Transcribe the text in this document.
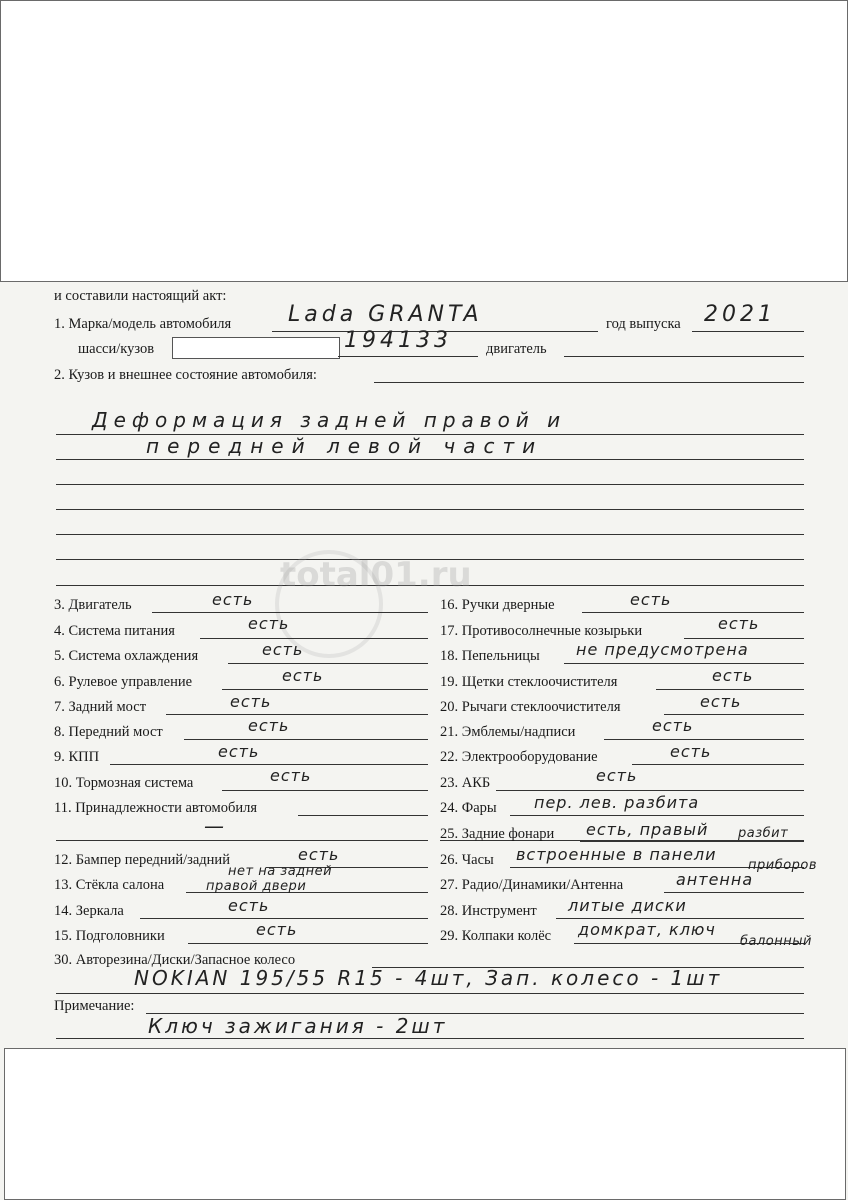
и составили настоящий акт:
1. Марка/модель автомобиля	Lada GRANTA	год выпуска 2021
шасси/кузов	194133 двигатель
2. Кузов и внешнее состояние автомобиля:
Деформация задней правой и
передней левой части
total01.ru
3. Двигатель	есть
4. Система питания	есть
5. Система охлаждения	есть
6. Рулевое управление	есть
7. Задний мост	есть
8. Передний мост	есть
9. КПП	есть
10. Тормозная система	есть
11. Принадлежности автомобиля
—
12. Бампер передний/задний	есть
13. Стёкла салона
нет на задней
правой двери
14. Зеркала	есть
15. Подголовники	есть
16. Ручки дверные	есть
17. Противосолнечные козырьки	есть
18. Пепельницы не предусмотрена
19. Щетки стеклоочистителя	есть
20. Рычаги стеклоочистителя	есть
21. Эмблемы/надписи	есть
22. Электрооборудование	есть
23. АКБ	есть
24. Фары пер. лев. разбита
25. Задние фонари есть, правый разбит
26. Часы встроенные в панели
приборов
27. Радио/Динамики/Антенна	антенна
28. Инструмент литые диски
29. Колпаки колёс домкрат, ключ
балонный
30. Авторезина/Диски/Запасное колесо
NOKIAN 195/55 R15 - 4шт, Зап. колесо - 1шт
Примечание:
Ключ зажигания - 2шт
